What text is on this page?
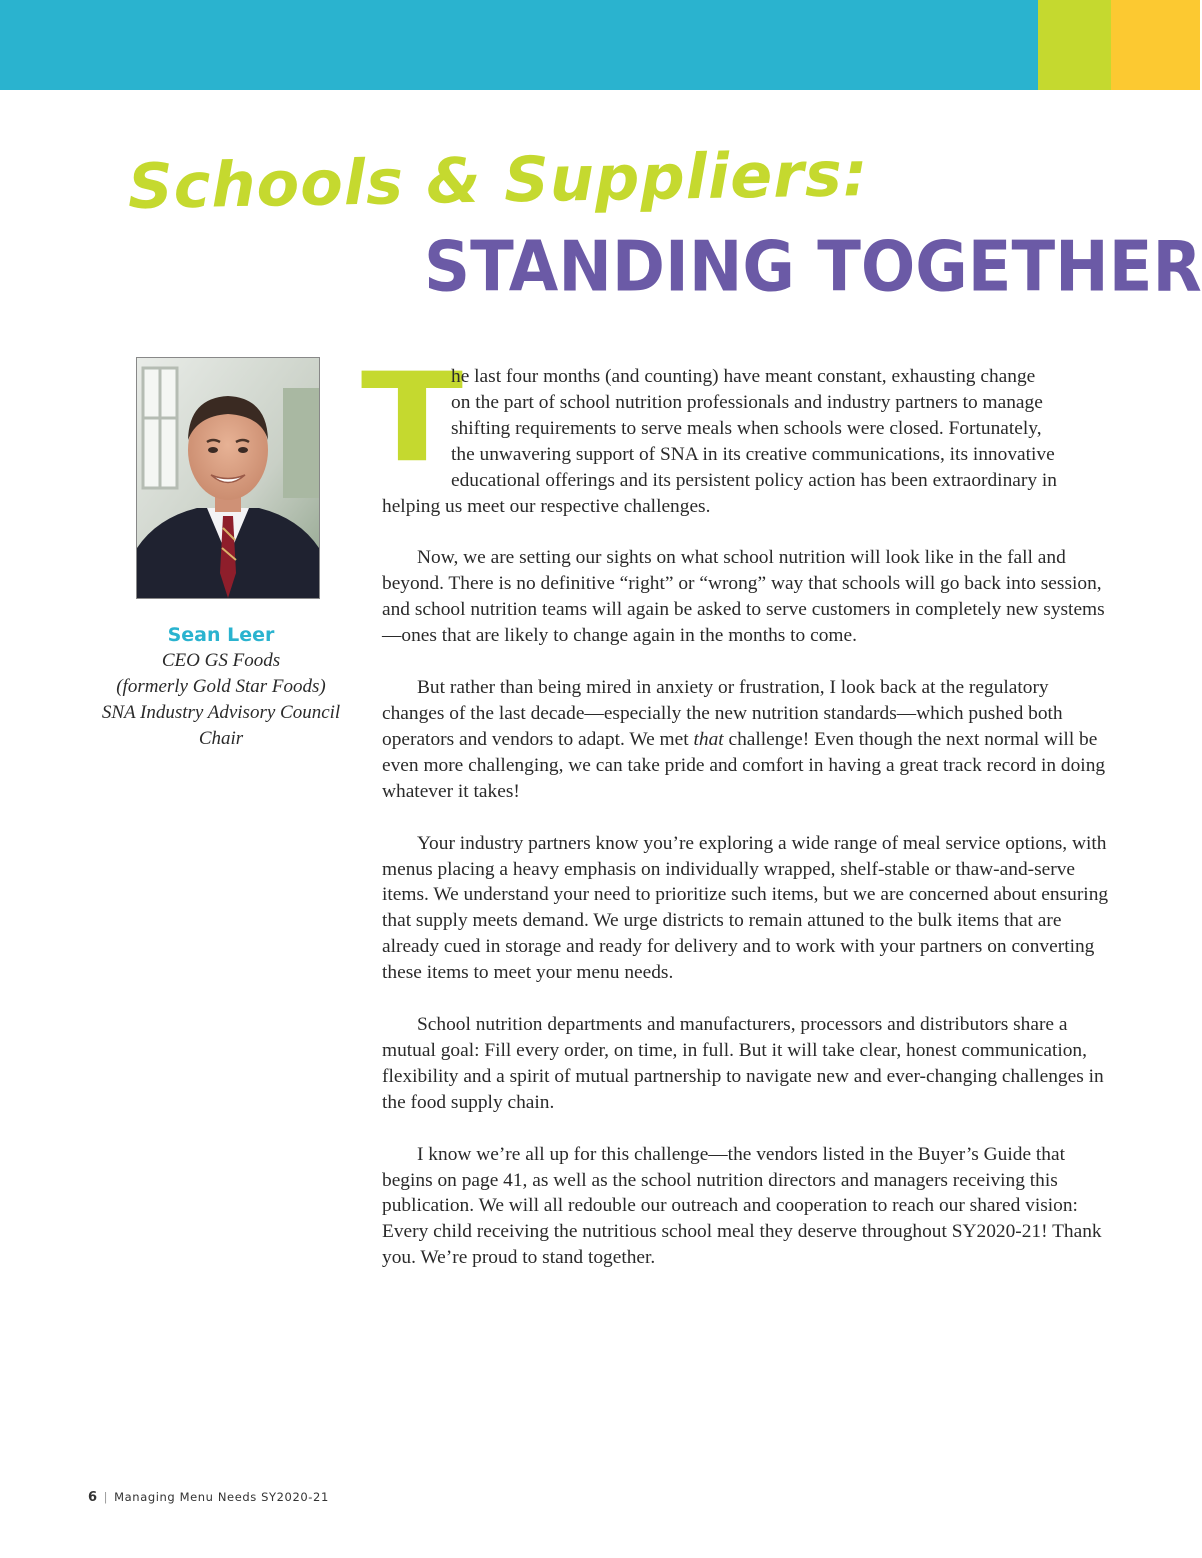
Schools & Suppliers:
STANDING TOGETHER
Sean Leer
CEO GS Foods
(formerly Gold Star Foods)
SNA Industry Advisory Council
Chair
T

he last four months (and counting) have meant constant, exhausting change
on the part of school nutrition professionals and industry partners to manage
shifting requirements to serve meals when schools were closed. Fortunately,
the unwavering support of SNA in its creative communications, its innovative
educational offerings and its persistent policy action has been extraordinary in
helping us meet our respective challenges.

Now, we are setting our sights on what school nutrition will look like in the fall and beyond. There is no definitive “right” or “wrong” way that schools will go back into session, and school nutrition teams will again be asked to serve customers in completely new systems—ones that are likely to change again in the months to come.

But rather than being mired in anxiety or frustration, I look back at the regulatory changes of the last decade—especially the new nutrition standards—which pushed both operators and vendors to adapt. We met that challenge! Even though the next normal will be even more challenging, we can take pride and comfort in having a great track record in doing whatever it takes!

Your industry partners know you’re exploring a wide range of meal service options, with menus placing a heavy emphasis on individually wrapped, shelf-stable or thaw-and-serve items. We understand your need to prioritize such items, but we are concerned about ensuring that supply meets demand. We urge districts to remain attuned to the bulk items that are already cued in storage and ready for delivery and to work with your partners on converting these items to meet your menu needs.

School nutrition departments and manufacturers, processors and distributors share a mutual goal: Fill every order, on time, in full. But it will take clear, honest communication, flexibility and a spirit of mutual partnership to navigate new and ever-changing challenges in the food supply chain.

I know we’re all up for this challenge—the vendors listed in the Buyer’s Guide that begins on page 41, as well as the school nutrition directors and managers receiving this publication. We will all redouble our outreach and cooperation to reach our shared vision: Every child receiving the nutritious school meal they deserve throughout SY2020-21! Thank you. We’re proud to stand together.

6 | Managing Menu Needs SY2020-21
